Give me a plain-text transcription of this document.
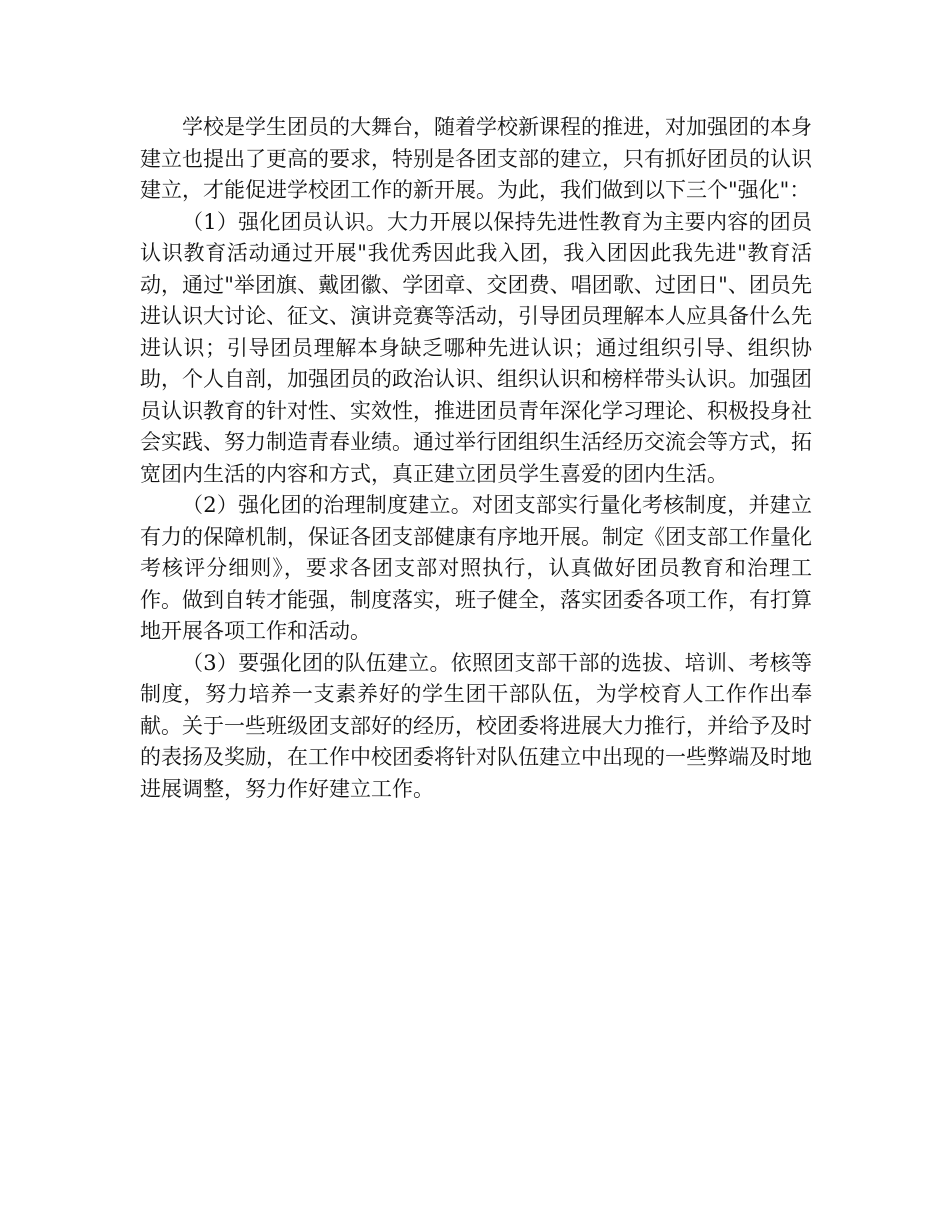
学校是学生团员的大舞台，随着学校新课程的推进，对加强团的本身建立也提出了更高的要求，特别是各团支部的建立，只有抓好团员的认识建立，才能促进学校团工作的新开展。为此，我们做到以下三个"强化"：

（1）强化团员认识。大力开展以保持先进性教育为主要内容的团员认识教育活动通过开展"我优秀因此我入团，我入团因此我先进"教育活动，通过"举团旗、戴团徽、学团章、交团费、唱团歌、过团日"、团员先进认识大讨论、征文、演讲竞赛等活动，引导团员理解本人应具备什么先进认识；引导团员理解本身缺乏哪种先进认识；通过组织引导、组织协助，个人自剖，加强团员的政治认识、组织认识和榜样带头认识。加强团员认识教育的针对性、实效性，推进团员青年深化学习理论、积极投身社会实践、努力制造青春业绩。通过举行团组织生活经历交流会等方式，拓宽团内生活的内容和方式，真正建立团员学生喜爱的团内生活。

（2）强化团的治理制度建立。对团支部实行量化考核制度，并建立有力的保障机制，保证各团支部健康有序地开展。制定《团支部工作量化考核评分细则》，要求各团支部对照执行，认真做好团员教育和治理工作。做到自转才能强，制度落实，班子健全，落实团委各项工作，有打算地开展各项工作和活动。

（3）要强化团的队伍建立。依照团支部干部的选拔、培训、考核等制度，努力培养一支素养好的学生团干部队伍，为学校育人工作作出奉献。关于一些班级团支部好的经历，校团委将进展大力推行，并给予及时的表扬及奖励，在工作中校团委将针对队伍建立中出现的一些弊端及时地进展调整，努力作好建立工作。
